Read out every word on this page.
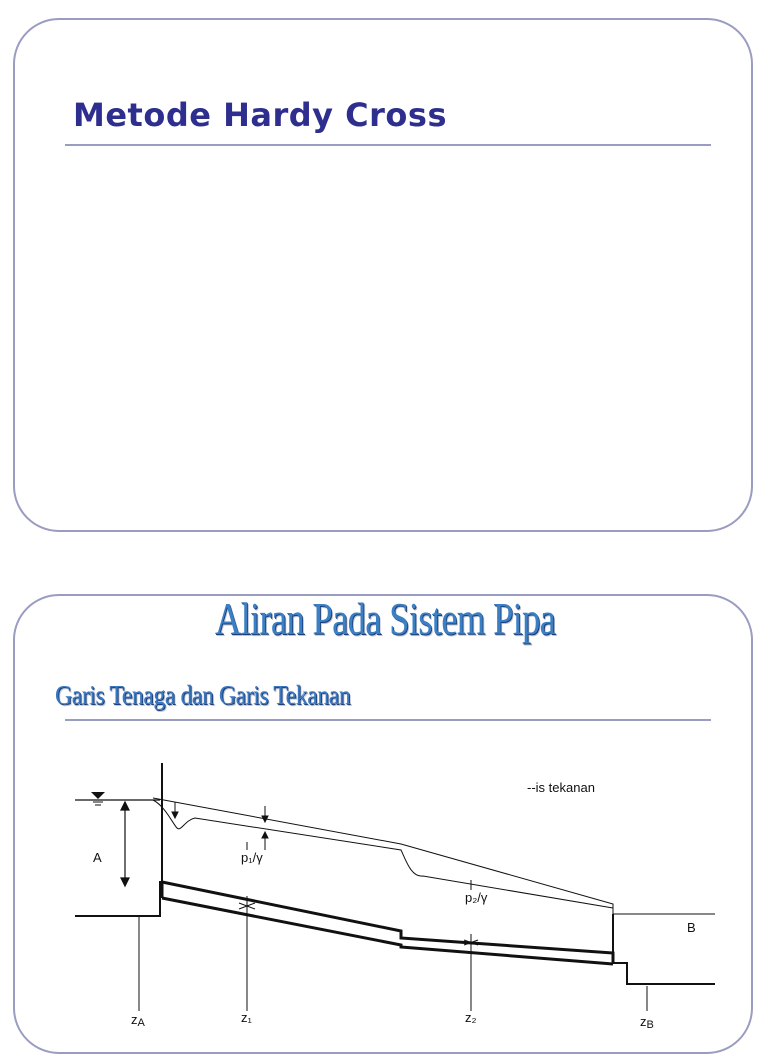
Metode Hardy Cross
Aliran Pada Sistem Pipa
Garis Tenaga dan Garis Tekanan
A
--is tekanan
p₁/γ
p₂/γ
B
zA	z₁	z₂	zB
